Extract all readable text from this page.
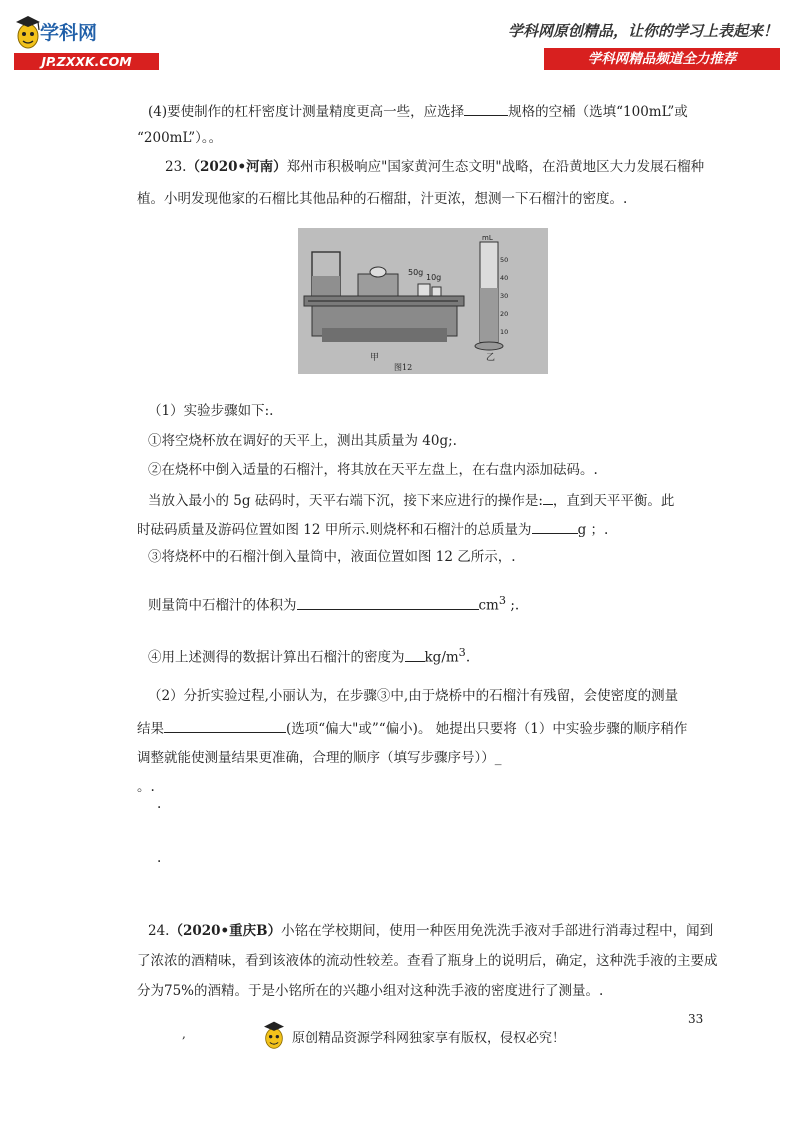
学科网
JP.ZXXK.COM
学科网原创精品，让你的学习上表起来！
学科网精品频道全力推荐
(4)要使制作的杠杆密度计测量精度更高一些，应选择	规格的空桶（选填“100mL”或
“200mL”）。。
23.（2020•河南）郑州市积极响应"国家黄河生态文明"战略，在沿黄地区大力发展石榴种
植。小明发现他家的石榴比其他品种的石榴甜，汁更浓，想测一下石榴汁的密度。.
50g
10g
mL
50
40
30
20
10
甲
图12
乙
（1）实验步骤如下:.
①将空烧杯放在调好的天平上，测出其质量为 40g;.
②在烧杯中倒入适量的石榴汁，将其放在天平左盘上，在右盘内添加砝码。.
当放入最小的 5g 砝码时，天平右端下沉，接下来应进行的操作是: ，直到天平平衡。此
时砝码质量及游码位置如图 12 甲所示.则烧杯和石榴汁的总质量为	g ；.
③将烧杯中的石榴汁倒入量筒中，液面位置如图 12 乙所示，.
则量筒中石榴汁的体积为	$cm^3$ ;.
④用上述测得的数据计算出石榴汁的密度为 $kg/m^3$.
（2）分折实验过程,小丽认为，在步骤③中,由于烧桥中的石榴汁有残留，会使密度的测量
结果	(选项“偏大"或”“偏小)。 她提出只要将（1）中实验步骤的顺序稍作
调整就能使测量结果更准确，合理的顺序（填写步骤序号））_
。.
.
.
24.（2020•重庆B）小铭在学校期间，使用一种医用免洗洗手液对手部进行消毒过程中，闻到
了浓浓的酒精味，看到该液体的流动性较差。查看了瓶身上的说明后，确定，这种洗手液的主要成
分为75%的酒精。于是小铭所在的兴趣小组对这种洗手液的密度进行了测量。.
33
,	原创精品资源学科网独家享有版权，侵权必究！
